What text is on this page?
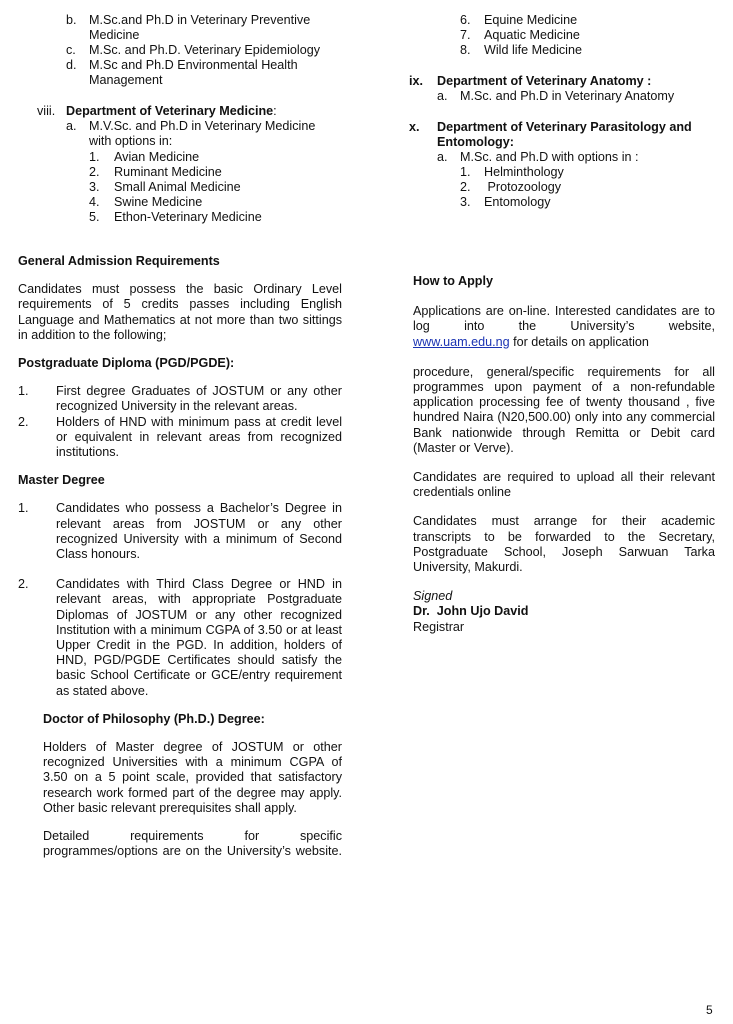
b. M.Sc.and Ph.D in Veterinary Preventive
Medicine
c. M.Sc. and Ph.D. Veterinary Epidemiology
d. M.Sc and Ph.D Environmental Health
Management
viii. Department of Veterinary Medicine:
a. M.V.Sc. and Ph.D in Veterinary Medicine
with options in:
1. Avian Medicine
2. Ruminant Medicine
3. Small Animal Medicine
4. Swine Medicine
5. Ethon-Veterinary Medicine
6. Equine Medicine
7. Aquatic Medicine
8. Wild life Medicine
ix. Department of Veterinary Anatomy :
a. M.Sc. and Ph.D in Veterinary Anatomy
x. Department of Veterinary Parasitology and
Entomology:
a. M.Sc. and Ph.D with options in :
1. Helminthology
2. Protozoology
3. Entomology

General Admission Requirements

Candidates must possess the basic Ordinary Level requirements of 5 credits passes including English Language and Mathematics at not more than two sittings in addition to the following;

Postgraduate Diploma (PGD/PGDE):

1.	First degree Graduates of JOSTUM or any other recognized University in the relevant areas.
2.	Holders of HND with minimum pass at credit level or equivalent in relevant areas from recognized institutions.

Master Degree

1.	Candidates who possess a Bachelor’s Degree in relevant areas from JOSTUM or any other recognized University with a minimum of Second Class honours.
2.	Candidates with Third Class Degree or HND in relevant areas, with appropriate Postgraduate Diplomas of JOSTUM or any other recognized Institution with a minimum CGPA of 3.50 or at least Upper Credit in the PGD. In addition, holders of HND, PGD/PGDE Certificates should satisfy the basic School Certificate or GCE/entry requirement as stated above.

Doctor of Philosophy (Ph.D.) Degree:

Holders of Master degree of JOSTUM or other recognized Universities with a minimum CGPA of 3.50 on a 5 point scale, provided that satisfactory research work formed part of the degree may apply. Other basic relevant prerequisites shall apply.

Detailed requirements for specific programmes/options are on the University’s website.

How to Apply

Applications are on-line. Interested candidates are to log into the University’s website,

www.uam.edu.ng for details on application

procedure, general/specific requirements for all programmes upon payment of a non-refundable application processing fee of twenty thousand , five hundred Naira (N20,500.00) only into any commercial Bank nationwide through Remitta or Debit card (Master or Verve).

Candidates are required to upload all their relevant credentials online

Candidates must arrange for their academic transcripts to be forwarded to the Secretary, Postgraduate School, Joseph Sarwuan Tarka University, Makurdi.

Signed

Dr.  John Ujo David

Registrar

5
